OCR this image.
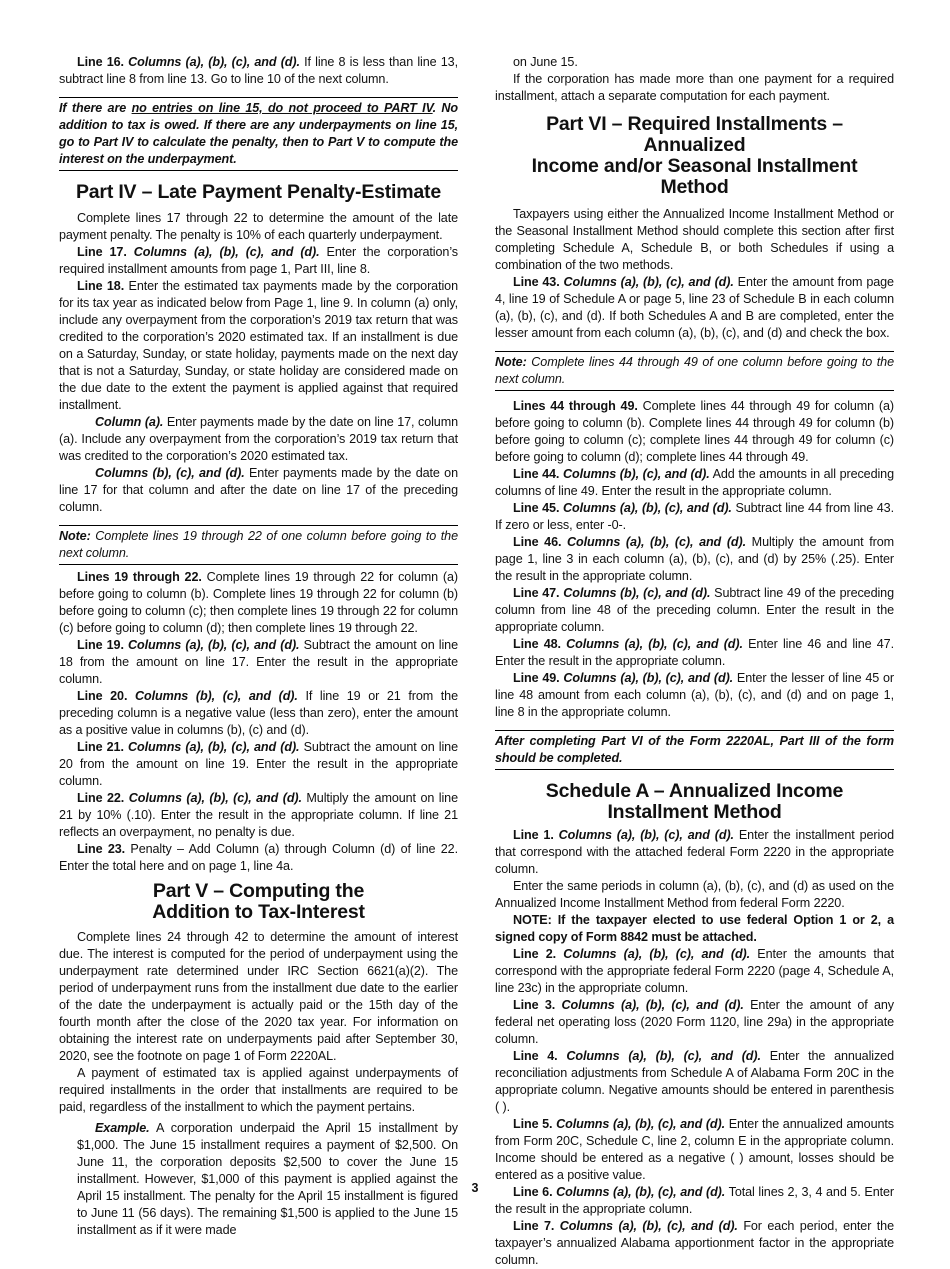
Line 16. Columns (a), (b), (c), and (d). If line 8 is less than line 13, subtract line 8 from line 13. Go to line 10 of the next column.

If there are no entries on line 15, do not proceed to PART IV. No addition to tax is owed. If there are any underpayments on line 15, go to Part IV to calculate the penalty, then to Part V to compute the interest on the underpayment.
Part IV – Late Payment Penalty-Estimate

Complete lines 17 through 22 to determine the amount of the late payment penalty. The penalty is 10% of each quarterly underpayment.

Line 17. Columns (a), (b), (c), and (d). Enter the corporation’s required installment amounts from page 1, Part III, line 8.

Line 18. Enter the estimated tax payments made by the corporation for its tax year as indicated below from Page 1, line 9. In column (a) only, include any overpayment from the corporation’s 2019 tax return that was credited to the corporation’s 2020 estimated tax. If an installment is due on a Saturday, Sunday, or state holiday, payments made on the next day that is not a Saturday, Sunday, or state holiday are considered made on the due date to the extent the payment is applied against that required installment.

Column (a). Enter payments made by the date on line 17, column (a). Include any overpayment from the corporation’s 2019 tax return that was credited to the corporation’s 2020 estimated tax.

Columns (b), (c), and (d). Enter payments made by the date on line 17 for that column and after the date on line 17 of the preceding column.

Note: Complete lines 19 through 22 of one column before going to the next column.

Lines 19 through 22. Complete lines 19 through 22 for column (a) before going to column (b). Complete lines 19 through 22 for column (b) before going to column (c); then complete lines 19 through 22 for column (c) before going to column (d); then complete lines 19 through 22.

Line 19. Columns (a), (b), (c), and (d). Subtract the amount on line 18 from the amount on line 17. Enter the result in the appropriate column.

Line 20. Columns (b), (c), and (d). If line 19 or 21 from the preceding column is a negative value (less than zero), enter the amount as a positive value in columns (b), (c) and (d).

Line 21. Columns (a), (b), (c), and (d). Subtract the amount on line 20 from the amount on line 19. Enter the result in the appropriate column.

Line 22. Columns (a), (b), (c), and (d). Multiply the amount on line 21 by 10% (.10). Enter the result in the appropriate column. If line 21 reflects an overpayment, no penalty is due.

Line 23. Penalty – Add Column (a) through Column (d) of line 22. Enter the total here and on page 1, line 4a.

Part V – Computing the
Addition to Tax-Interest

Complete lines 24 through 42 to determine the amount of interest due. The interest is computed for the period of underpayment using the underpayment rate determined under IRC Section 6621(a)(2). The period of underpayment runs from the installment due date to the earlier of the date the underpayment is actually paid or the 15th day of the fourth month after the close of the 2020 tax year. For information on obtaining the interest rate on underpayments paid after September 30, 2020, see the footnote on page 1 of Form 2220AL.

A payment of estimated tax is applied against underpayments of required installments in the order that installments are required to be paid, regardless of the installment to which the payment pertains.

Example. A corporation underpaid the April 15 installment by $1,000. The June 15 installment requires a payment of $2,500. On June 11, the corporation deposits $2,500 to cover the June 15 installment. However, $1,000 of this payment is applied against the April 15 installment. The penalty for the April 15 installment is figured to June 11 (56 days). The remaining $1,500 is applied to the June 15 installment as if it were made

on June 15.

If the corporation has made more than one payment for a required installment, attach a separate computation for each payment.

Part VI – Required Installments – Annualized
Income and/or Seasonal Installment Method

Taxpayers using either the Annualized Income Installment Method or the Seasonal Installment Method should complete this section after first completing Schedule A, Schedule B, or both Schedules if using a combination of the two methods.

Line 43. Columns (a), (b), (c), and (d). Enter the amount from page 4, line 19 of Schedule A or page 5, line 23 of Schedule B in each column (a), (b), (c), and (d). If both Schedules A and B are completed, enter the lesser amount from each column (a), (b), (c), and (d) and check the box.

Note: Complete lines 44 through 49 of one column before going to the next column.

Lines 44 through 49. Complete lines 44 through 49 for column (a) before going to column (b). Complete lines 44 through 49 for column (b) before going to column (c); complete lines 44 through 49 for column (c) before going to column (d); complete lines 44 through 49.

Line 44. Columns (b), (c), and (d). Add the amounts in all preceding columns of line 49. Enter the result in the appropriate column.

Line 45. Columns (a), (b), (c), and (d). Subtract line 44 from line 43. If zero or less, enter -0-.

Line 46. Columns (a), (b), (c), and (d). Multiply the amount from page 1, line 3 in each column (a), (b), (c), and (d) by 25% (.25). Enter the result in the appropriate column.

Line 47. Columns (b), (c), and (d). Subtract line 49 of the preceding column from line 48 of the preceding column. Enter the result in the appropriate column.

Line 48. Columns (a), (b), (c), and (d). Enter line 46 and line 47. Enter the result in the appropriate column.

Line 49. Columns (a), (b), (c), and (d). Enter the lesser of line 45 or line 48 amount from each column (a), (b), (c), and (d) and on page 1, line 8 in the appropriate column.

After completing Part VI of the Form 2220AL, Part III of the form should be completed.
Schedule A – Annualized Income
Installment Method

Line 1. Columns (a), (b), (c), and (d). Enter the installment period that correspond with the attached federal Form 2220 in the appropriate column.

Enter the same periods in column (a), (b), (c), and (d) as used on the Annualized Income Installment Method from federal Form 2220.

NOTE: If the taxpayer elected to use federal Option 1 or 2, a signed copy of Form 8842 must be attached.

Line 2. Columns (a), (b), (c), and (d). Enter the amounts that correspond with the appropriate federal Form 2220 (page 4, Schedule A, line 23c) in the appropriate column.

Line 3. Columns (a), (b), (c), and (d). Enter the amount of any federal net operating loss (2020 Form 1120, line 29a) in the appropriate column.

Line 4. Columns (a), (b), (c), and (d). Enter the annualized reconciliation adjustments from Schedule A of Alabama Form 20C in the appropriate column. Negative amounts should be entered in parenthesis ( ).

Line 5. Columns (a), (b), (c), and (d). Enter the annualized amounts from Form 20C, Schedule C, line 2, column E in the appropriate column. Income should be entered as a negative ( ) amount, losses should be entered as a positive value.

Line 6. Columns (a), (b), (c), and (d). Total lines 2, 3, 4 and 5. Enter the result in the appropriate column.

Line 7. Columns (a), (b), (c), and (d). For each period, enter the taxpayer’s annualized Alabama apportionment factor in the appropriate column.

3
